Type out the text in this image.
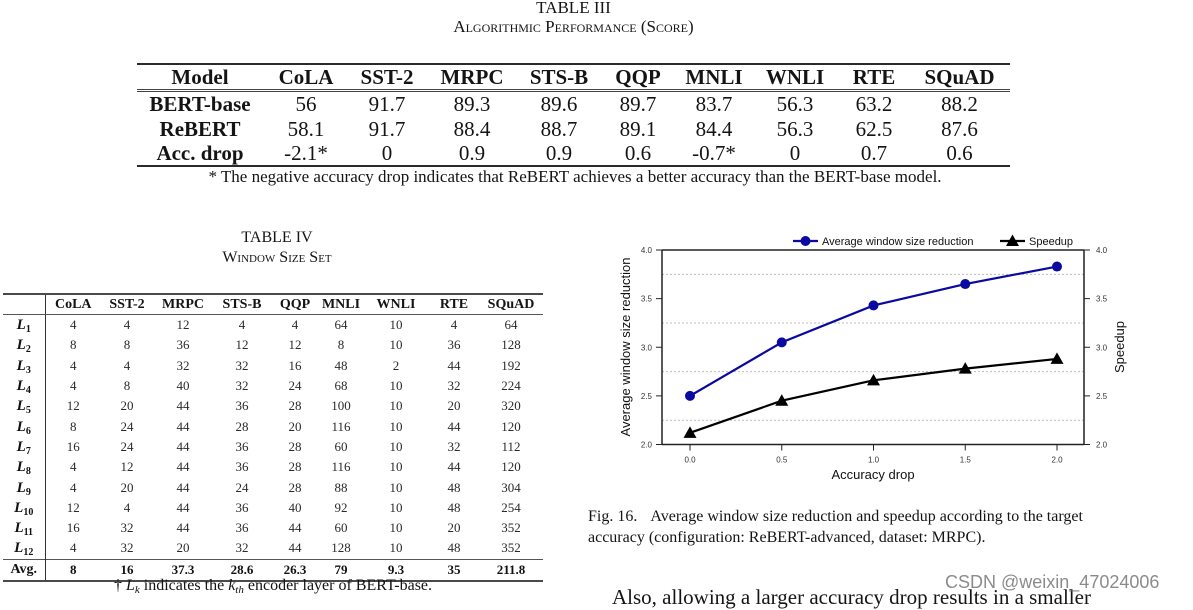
TABLE III
Algorithmic Performance (Score)
Model	CoLA	SST-2	MRPC	STS-B	QQP	MNLI	WNLI	RTE	SQuAD
BERT-base	56	91.7	89.3	89.6	89.7	83.7	56.3	63.2	88.2
ReBERT	58.1	91.7	88.4	88.7	89.1	84.4	56.3	62.5	87.6
Acc. drop	-2.1*	0	0.9	0.9	0.6	-0.7*	0	0.7	0.6
* The negative accuracy drop indicates that ReBERT achieves a better accuracy than the BERT-base model.
TABLE IV
Window Size Set
	CoLA	SST-2	MRPC	STS-B	QQP	MNLI	WNLI	RTE	SQuAD
$L_1$	4	4	12	4	4	64	10	4	64
$L_2$	8	8	36	12	12	8	10	36	128
$L_3$	4	4	32	32	16	48	2	44	192
$L_4$	4	8	40	32	24	68	10	32	224
$L_5$	12	20	44	36	28	100	10	20	320
$L_6$	8	24	44	28	20	116	10	44	120
$L_7$	16	24	44	36	28	60	10	32	112
$L_8$	4	12	44	36	28	116	10	44	120
$L_9$	4	20	44	24	28	88	10	48	304
$L_{10}$	12	4	44	36	40	92	10	48	254
$L_{11}$	16	32	44	36	44	60	10	20	352
$L_{12}$	4	32	20	32	44	128	10	48	352
Avg.	8	16	37.3	28.6	26.3	79	9.3	35	211.8
† $L_k$ indicates the $k_{th}$ encoder layer of BERT-base.
2.0
2.5
3.0
3.5
4.0
2.0
2.5
3.0
3.5
4.0
0.0	0.5	1.0	1.5	2.0
Accuracy drop
Average window size reduction	Speedup
Average window size reduction	Speedup
Fig. 16. Average window size reduction and speedup according to the target
accuracy (configuration: ReBERT-advanced, dataset: MRPC).
Also, allowing a larger accuracy drop results in a smaller
CSDN @weixin_47024006
